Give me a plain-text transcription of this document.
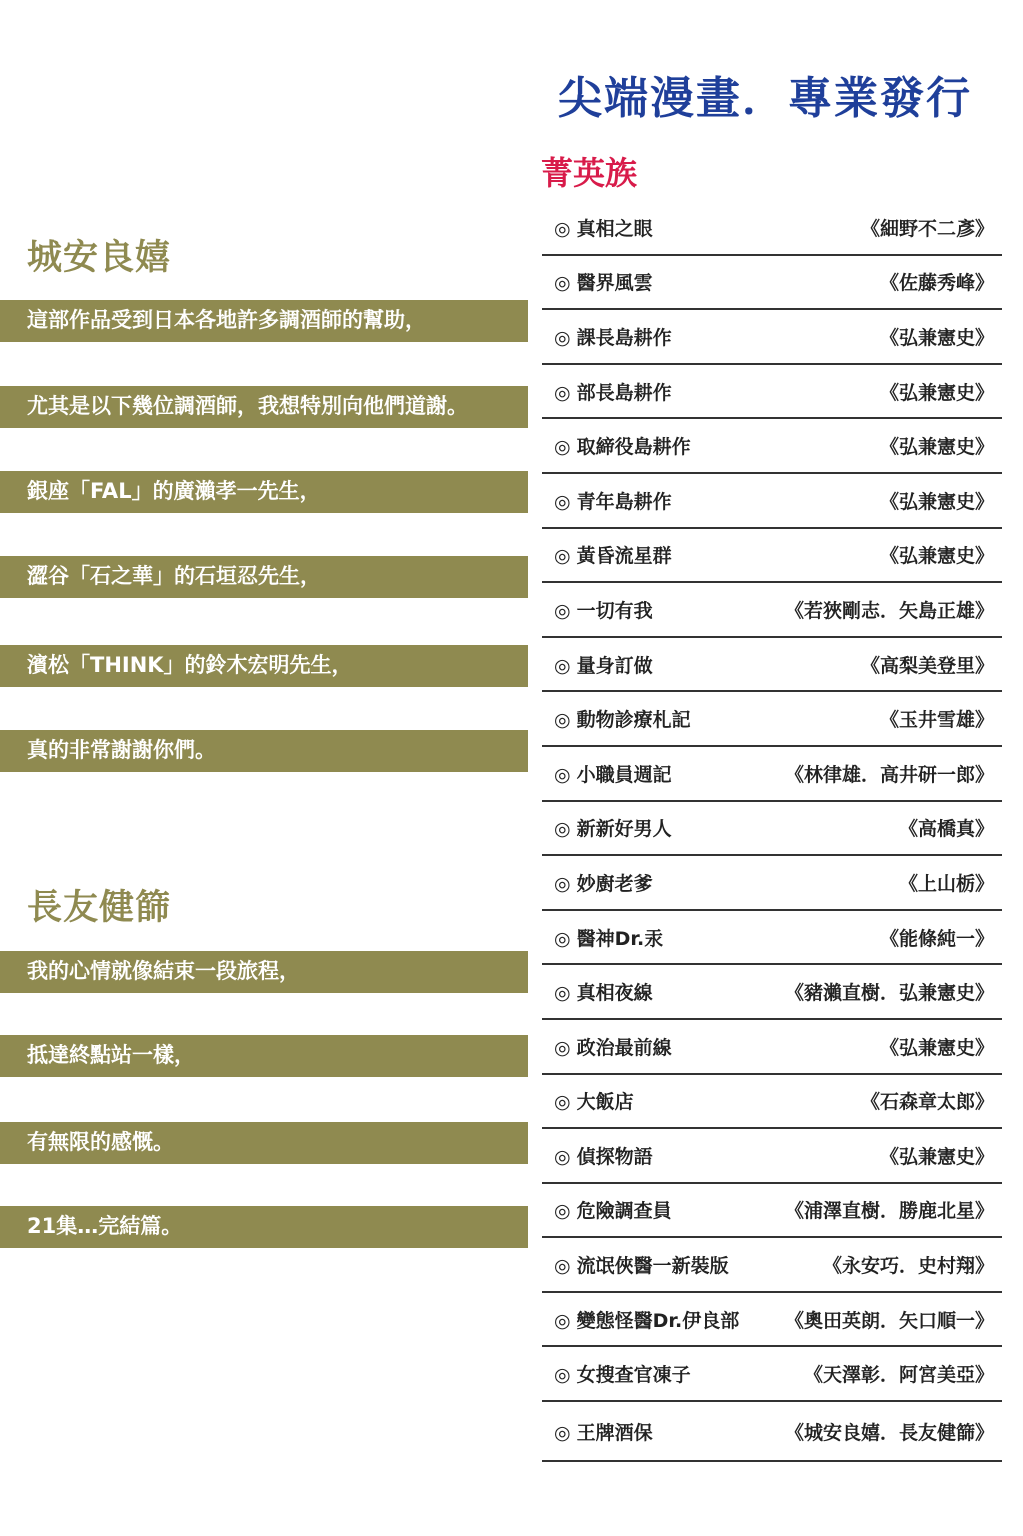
尖端漫畫．專業發行
菁英族
城安良嬉
這部作品受到日本各地許多調酒師的幫助，
尤其是以下幾位調酒師，我想特別向他們道謝。
銀座「FAL」的廣瀨孝一先生，
澀谷「石之華」的石垣忍先生，
濱松「THINK」的鈴木宏明先生，
真的非常謝謝你們。
長友健篩
我的心情就像結束一段旅程，
抵達終點站一樣，
有無限的感慨。
21集…完結篇。
◎ 真相之眼	《細野不二彥》
◎ 醫界風雲	《佐藤秀峰》
◎ 課長島耕作	《弘兼憲史》
◎ 部長島耕作	《弘兼憲史》
◎ 取締役島耕作	《弘兼憲史》
◎ 青年島耕作	《弘兼憲史》
◎ 黃昏流星群	《弘兼憲史》
◎ 一切有我	《若狹剛志．矢島正雄》
◎ 量身訂做	《高梨美登里》
◎ 動物診療札記	《玉井雪雄》
◎ 小職員週記	《林律雄．高井研一郎》
◎ 新新好男人	《高橋真》
◎ 妙廚老爹	《上山栃》
◎ 醫神Dr.汞	《能條純一》
◎ 真相夜線	《豬瀨直樹．弘兼憲史》
◎ 政治最前線	《弘兼憲史》
◎ 大飯店	《石森章太郎》
◎ 偵探物語	《弘兼憲史》
◎ 危險調查員	《浦澤直樹．勝鹿北星》
◎ 流氓俠醫一新裝版	《永安巧．史村翔》
◎ 變態怪醫Dr.伊良部 《奧田英朗．矢口順一》
◎ 女搜查官凍子	《天澤彰．阿宮美亞》
◎ 王牌酒保	《城安良嬉．長友健篩》
